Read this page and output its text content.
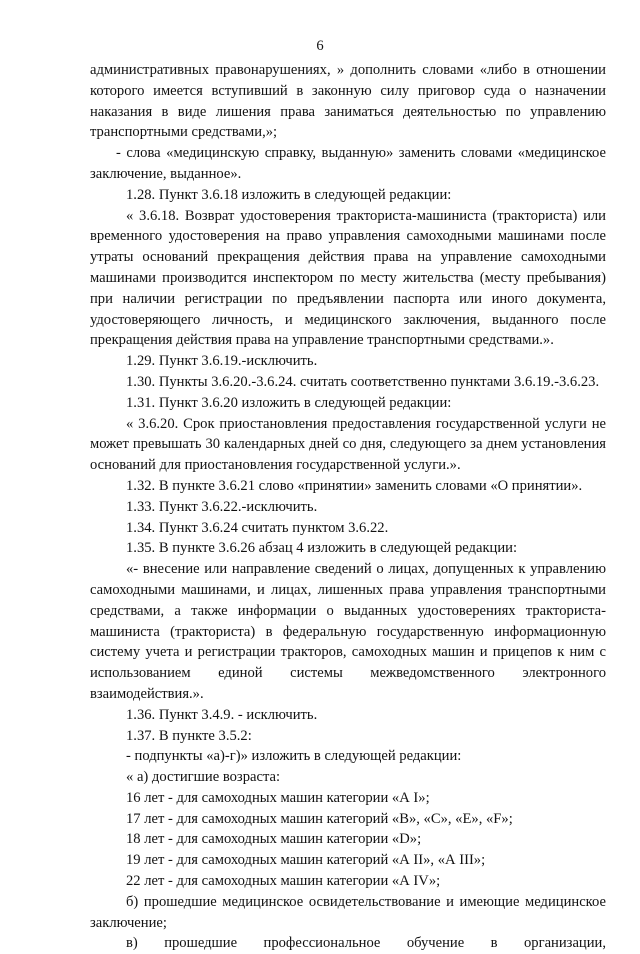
6

административных правонарушениях, » дополнить словами «либо в отношении которого имеется вступивший в законную силу приговор суда о назначении наказания в виде лишения права заниматься деятельностью по управлению транспортными средствами,»;

- слова «медицинскую справку, выданную» заменить словами «медицинское заключение, выданное».

1.28. Пункт 3.6.18 изложить в следующей редакции:

« 3.6.18. Возврат удостоверения тракториста-машиниста (тракториста) или временного удостоверения на право управления самоходными машинами после утраты оснований прекращения действия права на управление самоходными машинами производится инспектором по месту жительства (месту пребывания) при наличии регистрации по предъявлении паспорта или иного документа, удостоверяющего личность, и медицинского заключения, выданного после прекращения действия права на управление транспортными средствами.».

1.29. Пункт 3.6.19.-исключить.

1.30. Пункты 3.6.20.-3.6.24. считать соответственно пунктами 3.6.19.-3.6.23.

1.31. Пункт 3.6.20 изложить в следующей редакции:

« 3.6.20. Срок приостановления предоставления государственной услуги не может превышать 30 календарных дней со дня, следующего за днем установления оснований для приостановления государственной услуги.».

1.32. В пункте 3.6.21 слово «принятии» заменить словами «О принятии».

1.33. Пункт 3.6.22.-исключить.

1.34. Пункт 3.6.24 считать пунктом 3.6.22.

1.35. В пункте 3.6.26 абзац 4 изложить в следующей редакции:

«- внесение или направление сведений о лицах, допущенных к управлению самоходными машинами, и лицах, лишенных права управления транспортными средствами, а также информации о выданных удостоверениях тракториста-машиниста (тракториста) в федеральную государственную информационную систему учета и регистрации тракторов, самоходных машин и прицепов к ним с использованием единой системы межведомственного электронного взаимодействия.».

1.36. Пункт 3.4.9. - исключить.

1.37. В пункте 3.5.2:

- подпункты «а)-г)» изложить в следующей редакции:

« а) достигшие возраста:

16 лет - для самоходных машин категории «А I»;

17 лет - для самоходных машин категорий «В», «С», «Е», «F»;

18 лет - для самоходных машин категории «D»;

19 лет - для самоходных машин категорий «А II», «А III»;

22 лет - для самоходных машин категории «А IV»;

б) прошедшие медицинское освидетельствование и имеющие медицинское заключение;

в) прошедшие профессиональное обучение в организации,
